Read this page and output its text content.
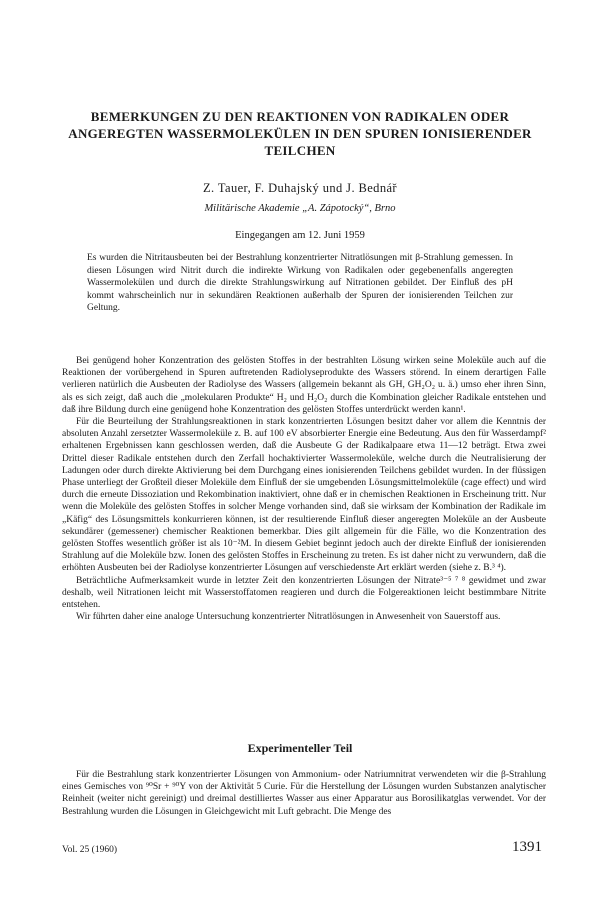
BEMERKUNGEN ZU DEN REAKTIONEN VON RADIKALEN ODER ANGEREGTEN WASSERMOLEKÜLEN IN DEN SPUREN IONISIERENDER TEILCHEN
Z. Tauer, F. Duhajský und J. Bednář
Militärische Akademie „A. Zápotocký“, Brno
Eingegangen am 12. Juni 1959

Es wurden die Nitritausbeuten bei der Bestrahlung konzentrierter Nitratlösungen mit β-Strahlung gemessen. In diesen Lösungen wird Nitrit durch die indirekte Wirkung von Radikalen oder gegebenenfalls angeregten Wassermolekülen und durch die direkte Strahlungswirkung auf Nitrationen gebildet. Der Einfluß des pH kommt wahrscheinlich nur in sekundären Reaktionen außerhalb der Spuren der ionisierenden Teilchen zur Geltung.

Bei genügend hoher Konzentration des gelösten Stoffes in der bestrahlten Lösung wirken seine Moleküle auch auf die Reaktionen der vorübergehend in Spuren auftretenden Radiolyseprodukte des Wassers störend. In einem derartigen Falle verlieren natürlich die Ausbeuten der Radiolyse des Wassers (allgemein bekannt als GH, GH₂O₂ u. ä.) umso eher ihren Sinn, als es sich zeigt, daß auch die „molekularen Produkte“ H₂ und H₂O₂ durch die Kombination gleicher Radikale entstehen und daß ihre Bildung durch eine genügend hohe Konzentration des gelösten Stoffes unterdrückt werden kann¹.

Für die Beurteilung der Strahlungsreaktionen in stark konzentrierten Lösungen besitzt daher vor allem die Kenntnis der absoluten Anzahl zersetzter Wassermoleküle z. B. auf 100 eV absorbierter Energie eine Bedeutung. Aus den für Wasserdampf² erhaltenen Ergebnissen kann geschlossen werden, daß die Ausbeute G der Radikalpaare etwa 11—12 beträgt. Etwa zwei Drittel dieser Radikale entstehen durch den Zerfall hochaktivierter Wassermoleküle, welche durch die Neutralisierung der Ladungen oder durch direkte Aktivierung bei dem Durchgang eines ionisierenden Teilchens gebildet wurden. In der flüssigen Phase unterliegt der Großteil dieser Moleküle dem Einfluß der sie umgebenden Lösungsmittelmoleküle (cage effect) und wird durch die erneute Dissoziation und Rekombination inaktiviert, ohne daß er in chemischen Reaktionen in Erscheinung tritt. Nur wenn die Moleküle des gelösten Stoffes in solcher Menge vorhanden sind, daß sie wirksam der Kombination der Radikale im „Käfig“ des Lösungsmittels konkurrieren können, ist der resultierende Einfluß dieser angeregten Moleküle an der Ausbeute sekundärer (gemessener) chemischer Reaktionen bemerkbar. Dies gilt allgemein für die Fälle, wo die Konzentration des gelösten Stoffes wesentlich größer ist als 10⁻²M. In diesem Gebiet beginnt jedoch auch der direkte Einfluß der ionisierenden Strahlung auf die Moleküle bzw. Ionen des gelösten Stoffes in Erscheinung zu treten. Es ist daher nicht zu verwundern, daß die erhöhten Ausbeuten bei der Radiolyse konzentrierter Lösungen auf verschiedenste Art erklärt werden (siehe z. B.³ ⁴).

Beträchtliche Aufmerksamkeit wurde in letzter Zeit den konzentrierten Lösungen der Nitrate³⁻⁵ ⁷ ⁸ gewidmet und zwar deshalb, weil Nitrationen leicht mit Wasserstoffatomen reagieren und durch die Folgereaktionen leicht bestimmbare Nitrite entstehen.

Wir führten daher eine analoge Untersuchung konzentrierter Nitratlösungen in Anwesenheit von Sauerstoff aus.

Experimenteller Teil

Für die Bestrahlung stark konzentrierter Lösungen von Ammonium- oder Natriumnitrat verwendeten wir die β-Strahlung eines Gemisches von ⁹⁰Sr + ⁹⁰Y von der Aktivität 5 Curie. Für die Herstellung der Lösungen wurden Substanzen analytischer Reinheit (weiter nicht gereinigt) und dreimal destilliertes Wasser aus einer Apparatur aus Borosilikatglas verwendet. Vor der Bestrahlung wurden die Lösungen in Gleichgewicht mit Luft gebracht. Die Menge des

Vol. 25 (1960)	1391
